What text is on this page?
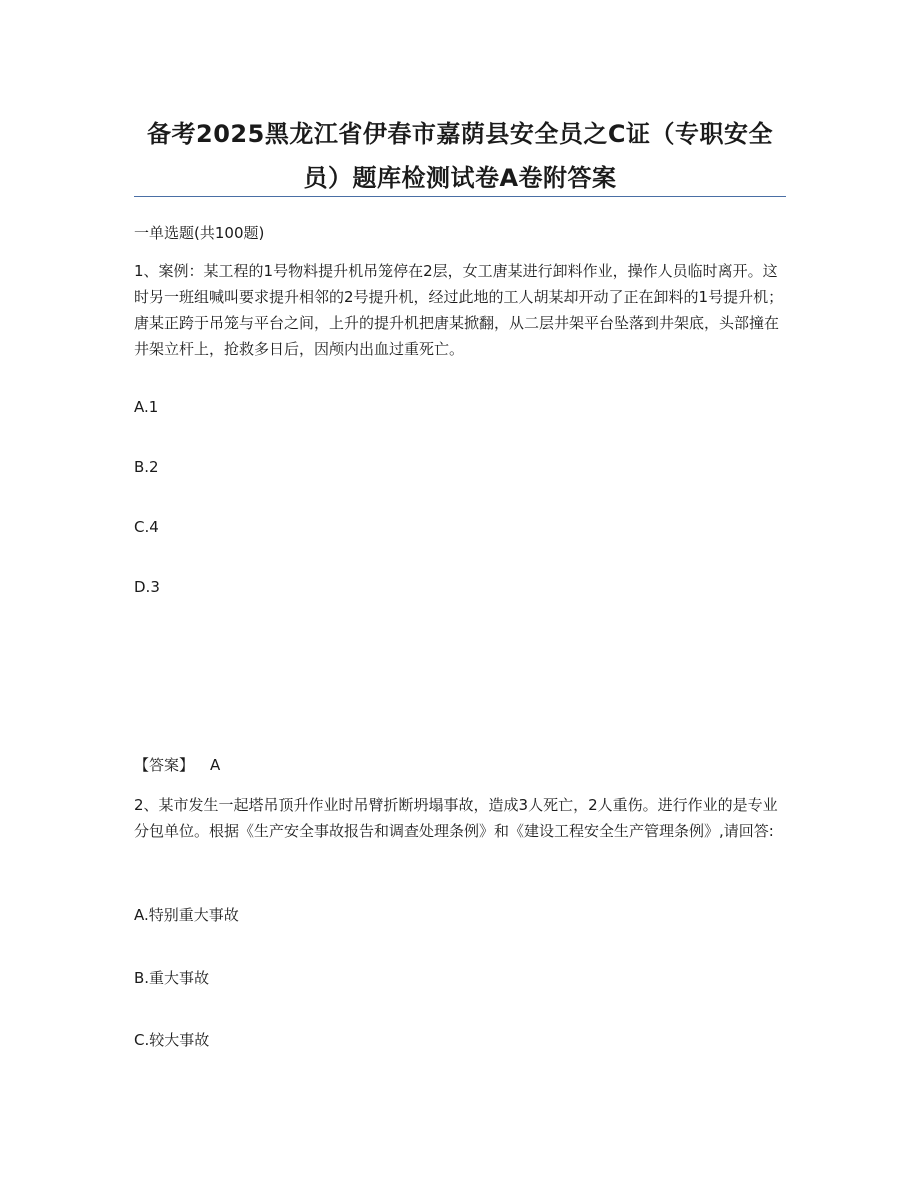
备考2025黑龙江省伊春市嘉荫县安全员之C证（专职安全
员）题库检测试卷A卷附答案
一单选题(共100题)
1、案例：某工程的1号物料提升机吊笼停在2层，女工唐某进行卸料作业，操作人员临时离开。这时另一班组喊叫要求提升相邻的2号提升机，经过此地的工人胡某却开动了正在卸料的1号提升机；唐某正跨于吊笼与平台之间，上升的提升机把唐某掀翻，从二层井架平台坠落到井架底，头部撞在井架立杆上，抢救多日后，因颅内出血过重死亡。
A.1
B.2
C.4
D.3
【答案】 A
2、某市发生一起塔吊顶升作业时吊臂折断坍塌事故，造成3人死亡，2人重伤。进行作业的是专业分包单位。根据《生产安全事故报告和调查处理条例》和《建设工程安全生产管理条例》,请回答:
A.特别重大事故
B.重大事故
C.较大事故
